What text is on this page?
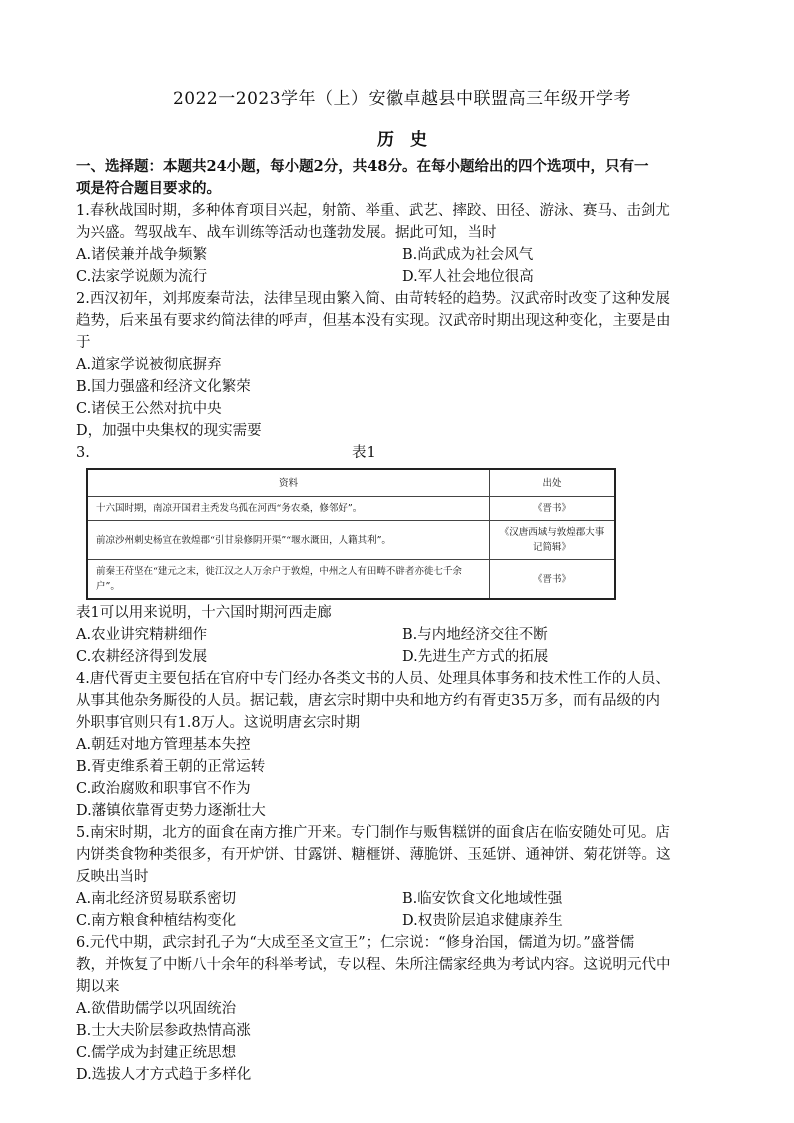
2022一2023学年（上）安徽卓越县中联盟高三年级开学考
历史

一、选择题：本题共24小题，每小题2分，共48分。在每小题给出的四个选项中，只有一

项是符合题目要求的。

1.春秋战国时期，多种体育项目兴起，射箭、举重、武艺、摔跤、田径、游泳、赛马、击剑尤

为兴盛。驾驭战车、战车训练等活动也蓬勃发展。据此可知，当时

A.诸侯兼并战争频繁	B.尚武成为社会风气
C.法家学说颇为流行	D.军人社会地位很高

2.西汉初年，刘邦废秦苛法，法律呈现由繁入简、由苛转轻的趋势。汉武帝时改变了这种发展

趋势，后来虽有要求约简法律的呼声，但基本没有实现。汉武帝时期出现这种变化，主要是由

于

A.道家学说被彻底摒弃

B.国力强盛和经济文化繁荣

C.诸侯王公然对抗中央

D，加强中央集权的现实需要

3.	表1
资料	出处
十六国时期，南凉开国君主秃发乌孤在河西“务农桑，修邻好”。	《晋书》
前凉沙州刺史杨宣在敦煌郡“引甘泉修阴开渠”“堰水溉田，人籍其利”。	《汉唐西域与敦煌郡大事记简辑》
前秦王苻坚在“建元之末，徙江汉之人万余户于敦煌，中州之人有田畴不辟者亦徙七千余户”。	《晋书》

表1可以用来说明，十六国时期河西走廊

A.农业讲究精耕细作	B.与内地经济交往不断
C.农耕经济得到发展	D.先进生产方式的拓展

4.唐代胥吏主要包括在官府中专门经办各类文书的人员、处理具体事务和技术性工作的人员、

从事其他杂务厮役的人员。据记载，唐玄宗时期中央和地方约有胥吏35万多，而有品级的内

外职事官则只有1.8万人。这说明唐玄宗时期

A.朝廷对地方管理基本失控

B.胥吏维系着王朝的正常运转

C.政治腐败和职事官不作为

D.藩镇依靠胥吏势力逐渐壮大

5.南宋时期，北方的面食在南方推广开来。专门制作与贩售糕饼的面食店在临安随处可见。店

内饼类食物种类很多，有开炉饼、甘露饼、糖榧饼、薄脆饼、玉延饼、通神饼、菊花饼等。这

反映出当时

A.南北经济贸易联系密切	B.临安饮食文化地域性强
C.南方粮食种植结构变化	D.权贵阶层追求健康养生

6.元代中期，武宗封孔子为“大成至圣文宣王”；仁宗说：“修身治国，儒道为切。”盛誉儒

教，并恢复了中断八十余年的科举考试，专以程、朱所注儒家经典为考试内容。这说明元代中

期以来

A.欲借助儒学以巩固统治

B.士大夫阶层参政热情高涨

C.儒学成为封建正统思想

D.选拔人才方式趋于多样化
